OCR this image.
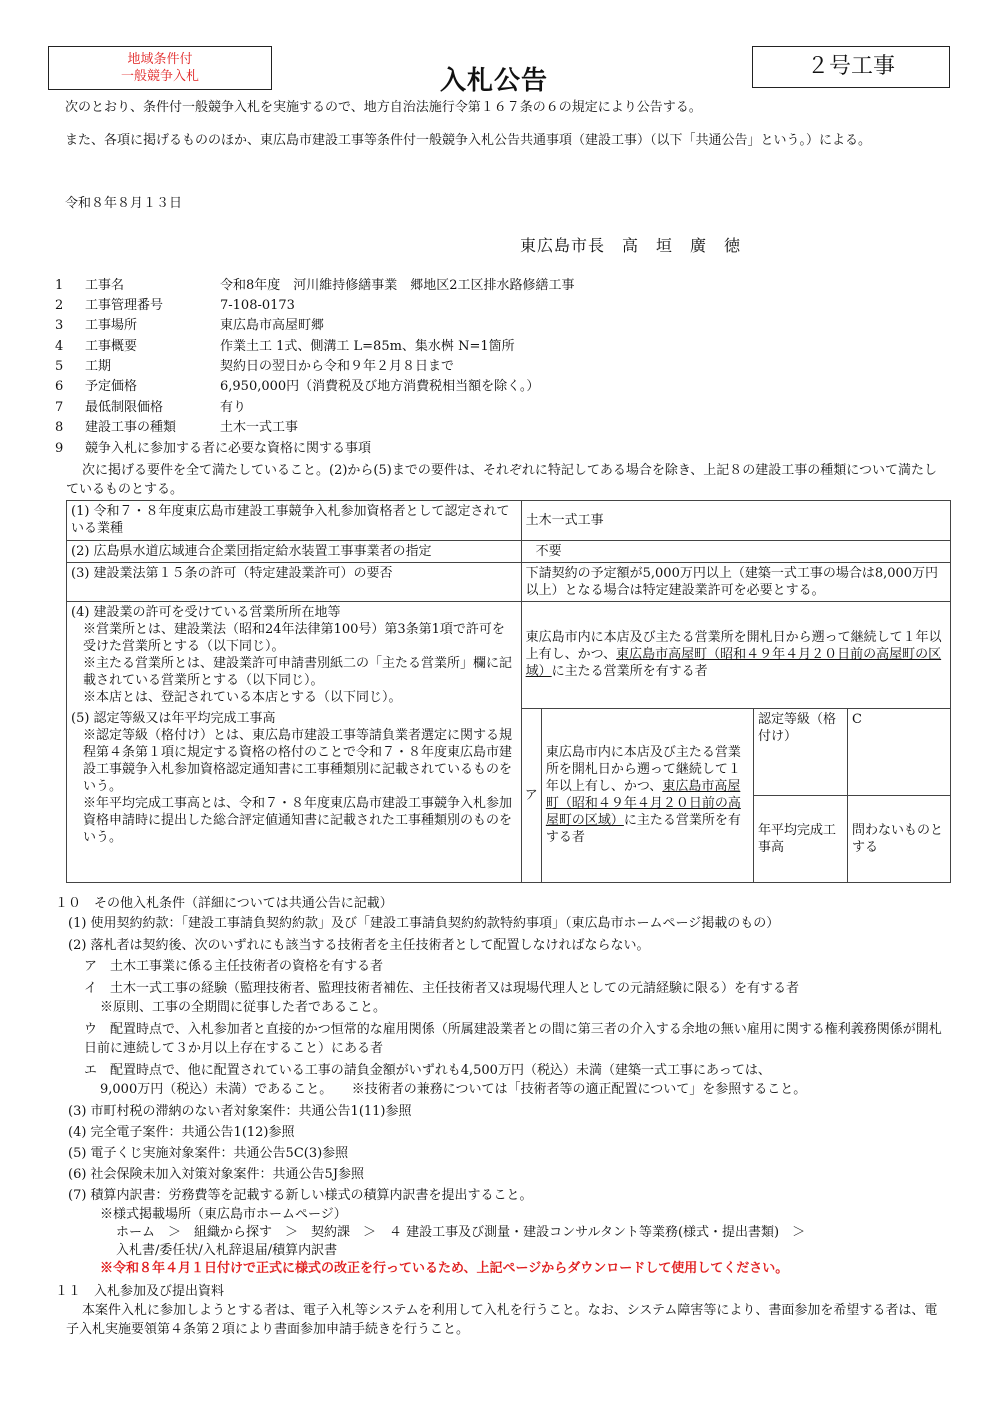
地域条件付
一般競争入札	入札公告	２号工事
次のとおり、条件付一般競争入札を実施するので、地方自治法施行令第１６７条の６の規定により公告する。
また、各項に掲げるもののほか、東広島市建設工事等条件付一般競争入札公告共通事項（建設工事）（以下「共通公告」という。）による。
令和８年８月１３日
東広島市長　高　垣　廣　徳
1	工事名	令和8年度　河川維持修繕事業　郷地区2工区排水路修繕工事
2	工事管理番号	7-108-0173
3	工事場所	東広島市高屋町郷
4	工事概要	作業土工 1式、側溝工 L=85m、集水桝 N=1箇所
5	工期	契約日の翌日から令和９年２月８日まで
6	予定価格	6,950,000円（消費税及び地方消費税相当額を除く。）
7	最低制限価格	有り
8	建設工事の種類	土木一式工事
9	競争入札に参加する者に必要な資格に関する事項
次に掲げる要件を全て満たしていること。(2)から(5)までの要件は、それぞれに特記してある場合を除き、上記８の建設工事の種類について満たしているものとする。
(1) 令和７・８年度東広島市建設工事競争入札参加資格者として認定されている業種	土木一式工事			
(2) 広島県水道広域連合企業団指定給水装置工事事業者の指定	不要			
(3) 建設業法第１５条の許可（特定建設業許可）の要否	下請契約の予定額が5,000万円以上（建築一式工事の場合は8,000万円以上）となる場合は特定建設業許可を必要とする。			

(4) 建設業の許可を受けている営業所所在地等
※営業所とは、建設業法（昭和24年法律第100号）第3条第1項で許可を受けた営業所とする（以下同じ）。
※主たる営業所とは、建設業許可申請書別紙二の「主たる営業所」欄に記載されている営業所とする（以下同じ）。
※本店とは、登記されている本店とする（以下同じ）。	東広島市内に本店及び主たる営業所を開札日から遡って継続して１年以上有し、かつ、東広島市高屋町（昭和４９年４月２０日前の高屋町の区域）に主たる営業所を有する者			

(5) 認定等級又は年平均完成工事高
※認定等級（格付け）とは、東広島市建設工事等請負業者選定に関する規程第４条第１項に規定する資格の格付のことで令和７・８年度東広島市建設工事競争入札参加資格認定通知書に工事種類別に記載されているものをいう。
※年平均完成工事高とは、令和７・８年度東広島市建設工事競争入札参加資格申請時に提出した総合評定値通知書に記載された工事種類別のものをいう。	ア	東広島市内に本店及び主たる営業所を開札日から遡って継続して１年以上有し、かつ、東広島市高屋町（昭和４９年４月２０日前の高屋町の区域）に主たる営業所を有する者	認定等級（格付け）	C
			年平均完成工事高	問わないものとする
１０　その他入札条件（詳細については共通公告に記載）
(1) 使用契約約款：「建設工事請負契約約款」及び「建設工事請負契約約款特約事項」（東広島市ホームページ掲載のもの）
(2) 落札者は契約後、次のいずれにも該当する技術者を主任技術者として配置しなければならない。
ア　土木工事業に係る主任技術者の資格を有する者
イ　土木一式工事の経験（監理技術者、監理技術者補佐、主任技術者又は現場代理人としての元請経験に限る）を有する者
※原則、工事の全期間に従事した者であること。
ウ　配置時点で、入札参加者と直接的かつ恒常的な雇用関係（所属建設業者との間に第三者の介入する余地の無い雇用に関する権利義務関係が開札日前に連続して３か月以上存在すること）にある者
エ　配置時点で、他に配置されている工事の請負金額がいずれも4,500万円（税込）未満（建築一式工事にあっては、
9,000万円（税込）未満）であること。　　※技術者の兼務については「技術者等の適正配置について」を参照すること。
(3) 市町村税の滞納のない者対象案件：共通公告1(11)参照
(4) 完全電子案件：共通公告1(12)参照
(5) 電子くじ実施対象案件：共通公告5C(3)参照
(6) 社会保険未加入対策対象案件：共通公告5J参照
(7) 積算内訳書：労務費等を記載する新しい様式の積算内訳書を提出すること。
※様式掲載場所（東広島市ホームページ）
ホーム　＞　組織から探す　＞　契約課　＞　４ 建設工事及び測量・建設コンサルタント等業務(様式・提出書類)　＞
入札書/委任状/入札辞退届/積算内訳書
※令和８年４月１日付けで正式に様式の改正を行っているため、上記ページからダウンロードして使用してください。
１１　入札参加及び提出資料
本案件入札に参加しようとする者は、電子入札等システムを利用して入札を行うこと。なお、システム障害等により、書面参加を希望する者は、電子入札実施要領第４条第２項により書面参加申請手続きを行うこと。
